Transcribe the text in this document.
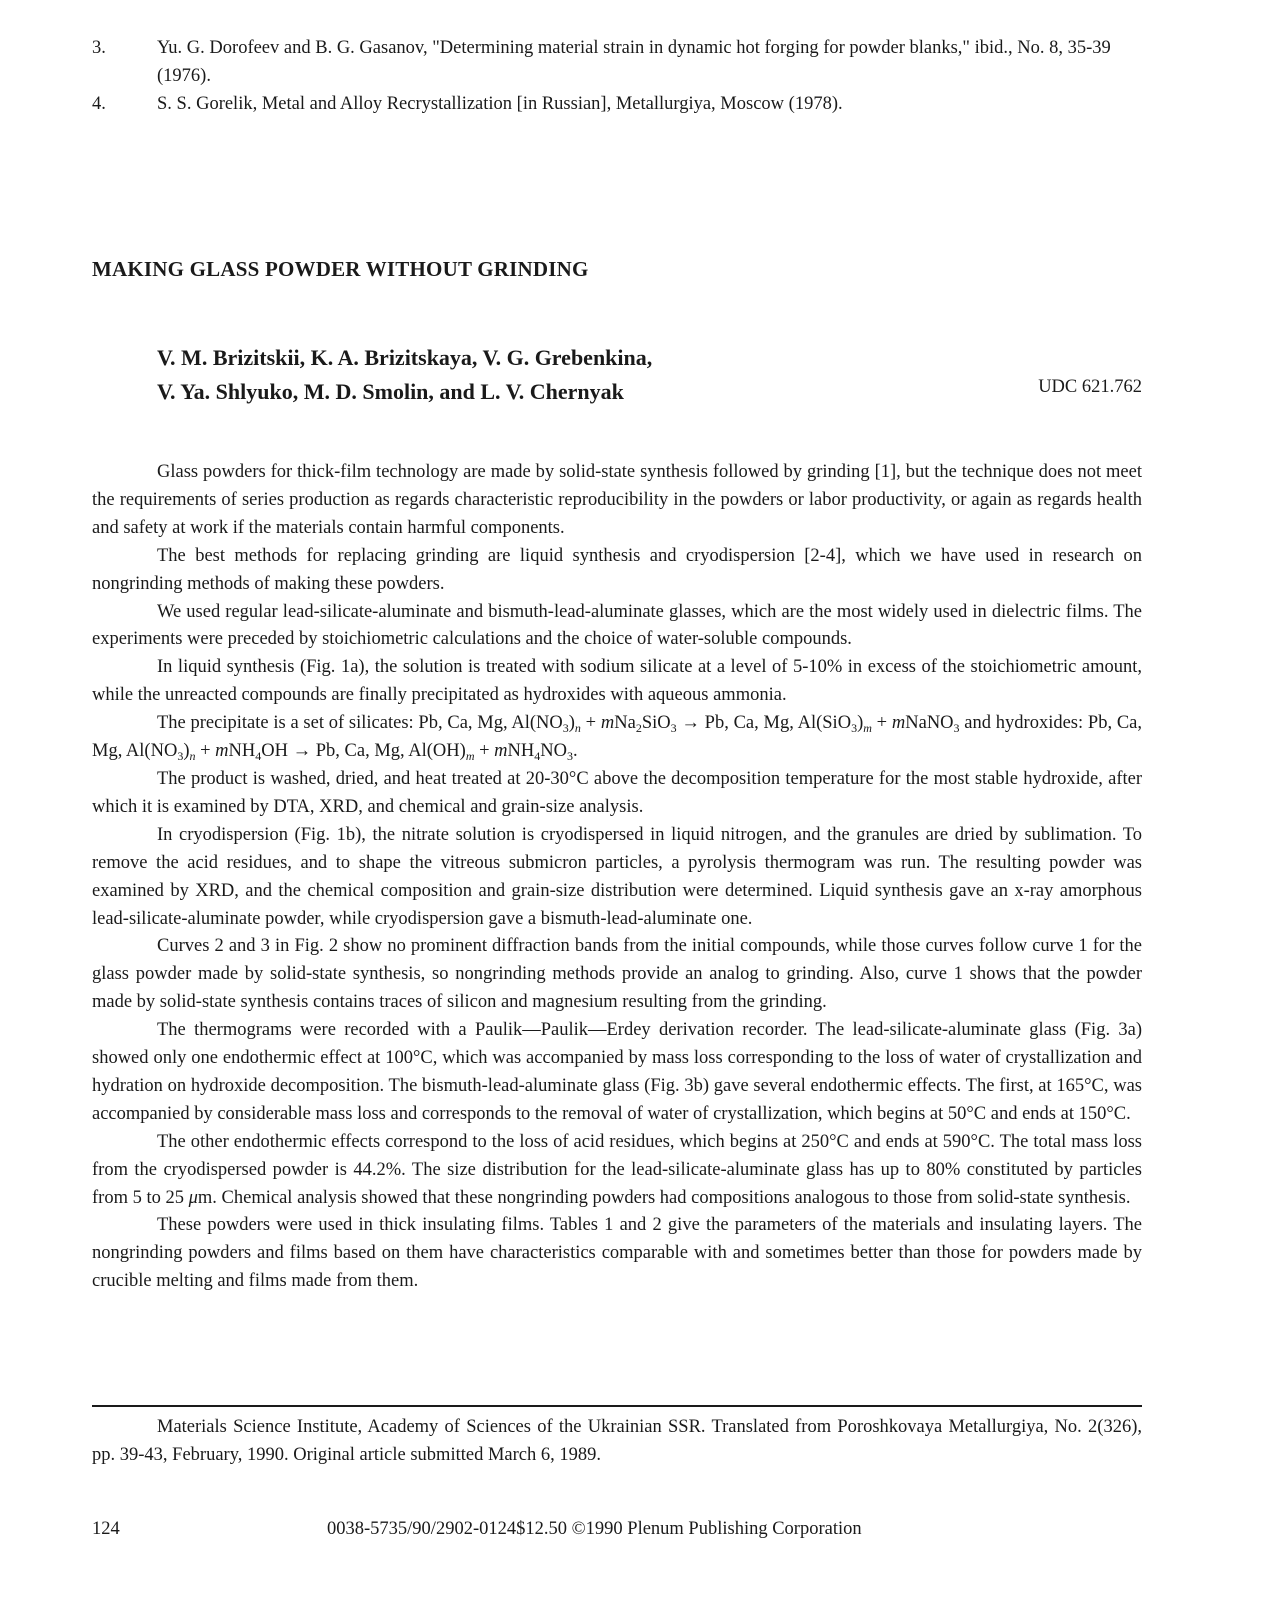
3.	Yu. G. Dorofeev and B. G. Gasanov, "Determining material strain in dynamic hot forging for powder blanks," ibid., No. 8, 35-39 (1976).
4.	S. S. Gorelik, Metal and Alloy Recrystallization [in Russian], Metallurgiya, Moscow (1978).
MAKING GLASS POWDER WITHOUT GRINDING
V. M. Brizitskii, K. A. Brizitskaya, V. G. Grebenkina,
V. Ya. Shlyuko, M. D. Smolin, and L. V. Chernyak	UDC 621.762

Glass powders for thick-film technology are made by solid-state synthesis followed by grinding [1], but the technique does not meet the requirements of series production as regards characteristic reproducibility in the powders or labor productivity, or again as regards health and safety at work if the materials contain harmful components.

The best methods for replacing grinding are liquid synthesis and cryodispersion [2-4], which we have used in research on nongrinding methods of making these powders.

We used regular lead-silicate-aluminate and bismuth-lead-aluminate glasses, which are the most widely used in dielectric films. The experiments were preceded by stoichiometric calculations and the choice of water-soluble compounds.

In liquid synthesis (Fig. 1a), the solution is treated with sodium silicate at a level of 5-10% in excess of the stoichiometric amount, while the unreacted compounds are finally precipitated as hydroxides with aqueous ammonia.

The precipitate is a set of silicates: Pb, Ca, Mg, $Al(NO_3)_n + mNa_2SiO_3 \to Pb$, Ca, Mg, $Al(SiO_3)_m$ + mNaNO$_3$ and hydroxides: Pb, Ca, Mg, $Al(NO_3)_n + mNH_4OH \to Pb$, Ca, Mg, $Al(OH)_m + mNH_4NO_3$.

The product is washed, dried, and heat treated at 20-30°C above the decomposition temperature for the most stable hydroxide, after which it is examined by DTA, XRD, and chemical and grain-size analysis.

In cryodispersion (Fig. 1b), the nitrate solution is cryodispersed in liquid nitrogen, and the granules are dried by sublimation. To remove the acid residues, and to shape the vitreous submicron particles, a pyrolysis thermogram was run. The resulting powder was examined by XRD, and the chemical composition and grain-size distribution were determined. Liquid synthesis gave an x-ray amorphous lead-silicate-aluminate powder, while cryodispersion gave a bismuth-lead-aluminate one.

Curves 2 and 3 in Fig. 2 show no prominent diffraction bands from the initial compounds, while those curves follow curve 1 for the glass powder made by solid-state synthesis, so nongrinding methods provide an analog to grinding. Also, curve 1 shows that the powder made by solid-state synthesis contains traces of silicon and magnesium resulting from the grinding.

The thermograms were recorded with a Paulik—Paulik—Erdey derivation recorder. The lead-silicate-aluminate glass (Fig. 3a) showed only one endothermic effect at 100°C, which was accompanied by mass loss corresponding to the loss of water of crystallization and hydration on hydroxide decomposition. The bismuth-lead-aluminate glass (Fig. 3b) gave several endothermic effects. The first, at 165°C, was accompanied by considerable mass loss and corresponds to the removal of water of crystallization, which begins at 50°C and ends at 150°C.

The other endothermic effects correspond to the loss of acid residues, which begins at 250°C and ends at 590°C. The total mass loss from the cryodispersed powder is 44.2%. The size distribution for the lead-silicate-aluminate glass has up to 80% constituted by particles from 5 to 25 μm. Chemical analysis showed that these nongrinding powders had compositions analogous to those from solid-state synthesis.

These powders were used in thick insulating films. Tables 1 and 2 give the parameters of the materials and insulating layers. The nongrinding powders and films based on them have characteristics comparable with and sometimes better than those for powders made by crucible melting and films made from them.

Materials Science Institute, Academy of Sciences of the Ukrainian SSR. Translated from Poroshkovaya Metallurgiya, No. 2(326), pp. 39-43, February, 1990. Original article submitted March 6, 1989.

124	0038-5735/90/2902-0124$12.50 ©1990 Plenum Publishing Corporation
